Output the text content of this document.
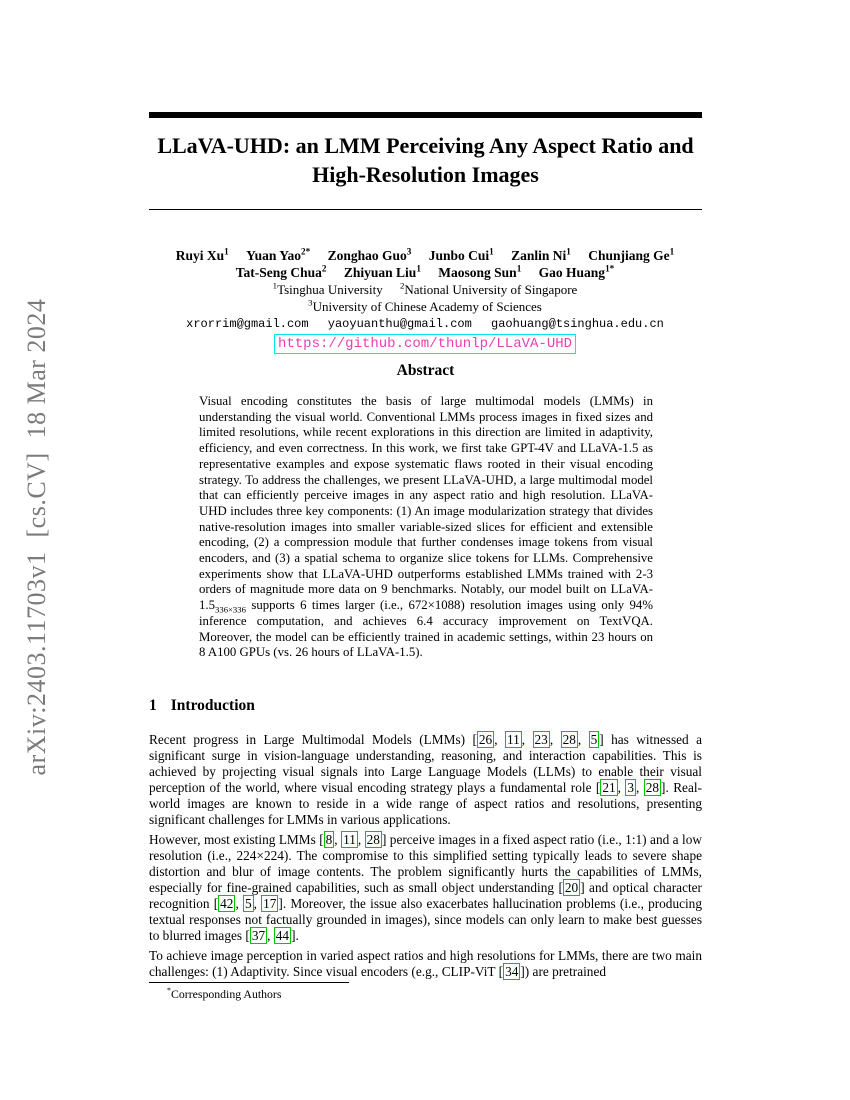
arXiv:2403.11703v1  [cs.CV]  18 Mar 2024
LLaVA-UHD: an LMM Perceiving Any Aspect Ratio and High-Resolution Images
Ruyi Xu$^1$ Yuan Yao$^{2*}$ Zonghao Guo$^3$ Junbo Cui$^1$ Zanlin Ni$^1$ Chunjiang Ge$^1$
Tat-Seng Chua$^2$ Zhiyuan Liu$^1$ Maosong Sun$^1$ Gao Huang$^{1*}$
$^1$Tsinghua University $^2$National University of Singapore
$^3$University of Chinese Academy of Sciences
xrorrim@gmail.com yaoyuanthu@gmail.com gaohuang@tsinghua.edu.cn
https://github.com/thunlp/LLaVA-UHD
Abstract

Visual encoding constitutes the basis of large multimodal models (LMMs) in understanding the visual world. Conventional LMMs process images in fixed sizes and limited resolutions, while recent explorations in this direction are limited in adaptivity, efficiency, and even correctness. In this work, we first take GPT-4V and LLaVA-1.5 as representative examples and expose systematic flaws rooted in their visual encoding strategy. To address the challenges, we present LLaVA-UHD, a large multimodal model that can efficiently perceive images in any aspect ratio and high resolution. LLaVA-UHD includes three key components: (1) An image modularization strategy that divides native-resolution images into smaller variable-sized slices for efficient and extensible encoding, (2) a compression module that further condenses image tokens from visual encoders, and (3) a spatial schema to organize slice tokens for LLMs. Comprehensive experiments show that LLaVA-UHD outperforms established LMMs trained with 2-3 orders of magnitude more data on 9 benchmarks. Notably, our model built on LLaVA-$1.5_{336\times 336}$ supports 6 times larger (i.e., 672×1088) resolution images using only 94% inference computation, and achieves 6.4 accuracy improvement on TextVQA. Moreover, the model can be efficiently trained in academic settings, within 23 hours on 8 A100 GPUs (vs. 26 hours of LLaVA-1.5).

1 Introduction

Recent progress in Large Multimodal Models (LMMs) [ 26 , 11 , 23 , 28 , 5 ] has witnessed a significant surge in vision-language understanding, reasoning, and interaction capabilities. This is achieved by projecting visual signals into Large Language Models (LLMs) to enable their visual perception of the world, where visual encoding strategy plays a fundamental role [ 21 , 3 , 28 ]. Real-world images are known to reside in a wide range of aspect ratios and resolutions, presenting significant challenges for LMMs in various applications.

However, most existing LMMs [ 8 , 11 , 28 ] perceive images in a fixed aspect ratio (i.e., 1:1) and a low resolution (i.e., 224×224). The compromise to this simplified setting typically leads to severe shape distortion and blur of image contents. The problem significantly hurts the capabilities of LMMs, especially for fine-grained capabilities, such as small object understanding [ 20 ] and optical character recognition [ 42 , 5 , 17 ]. Moreover, the issue also exacerbates hallucination problems (i.e., producing textual responses not factually grounded in images), since models can only learn to make best guesses to blurred images [ 37 , 44 ].

To achieve image perception in varied aspect ratios and high resolutions for LMMs, there are two main challenges: (1) Adaptivity. Since visual encoders (e.g., CLIP-ViT [ 34 ]) are pretrained

*Corresponding Authors
